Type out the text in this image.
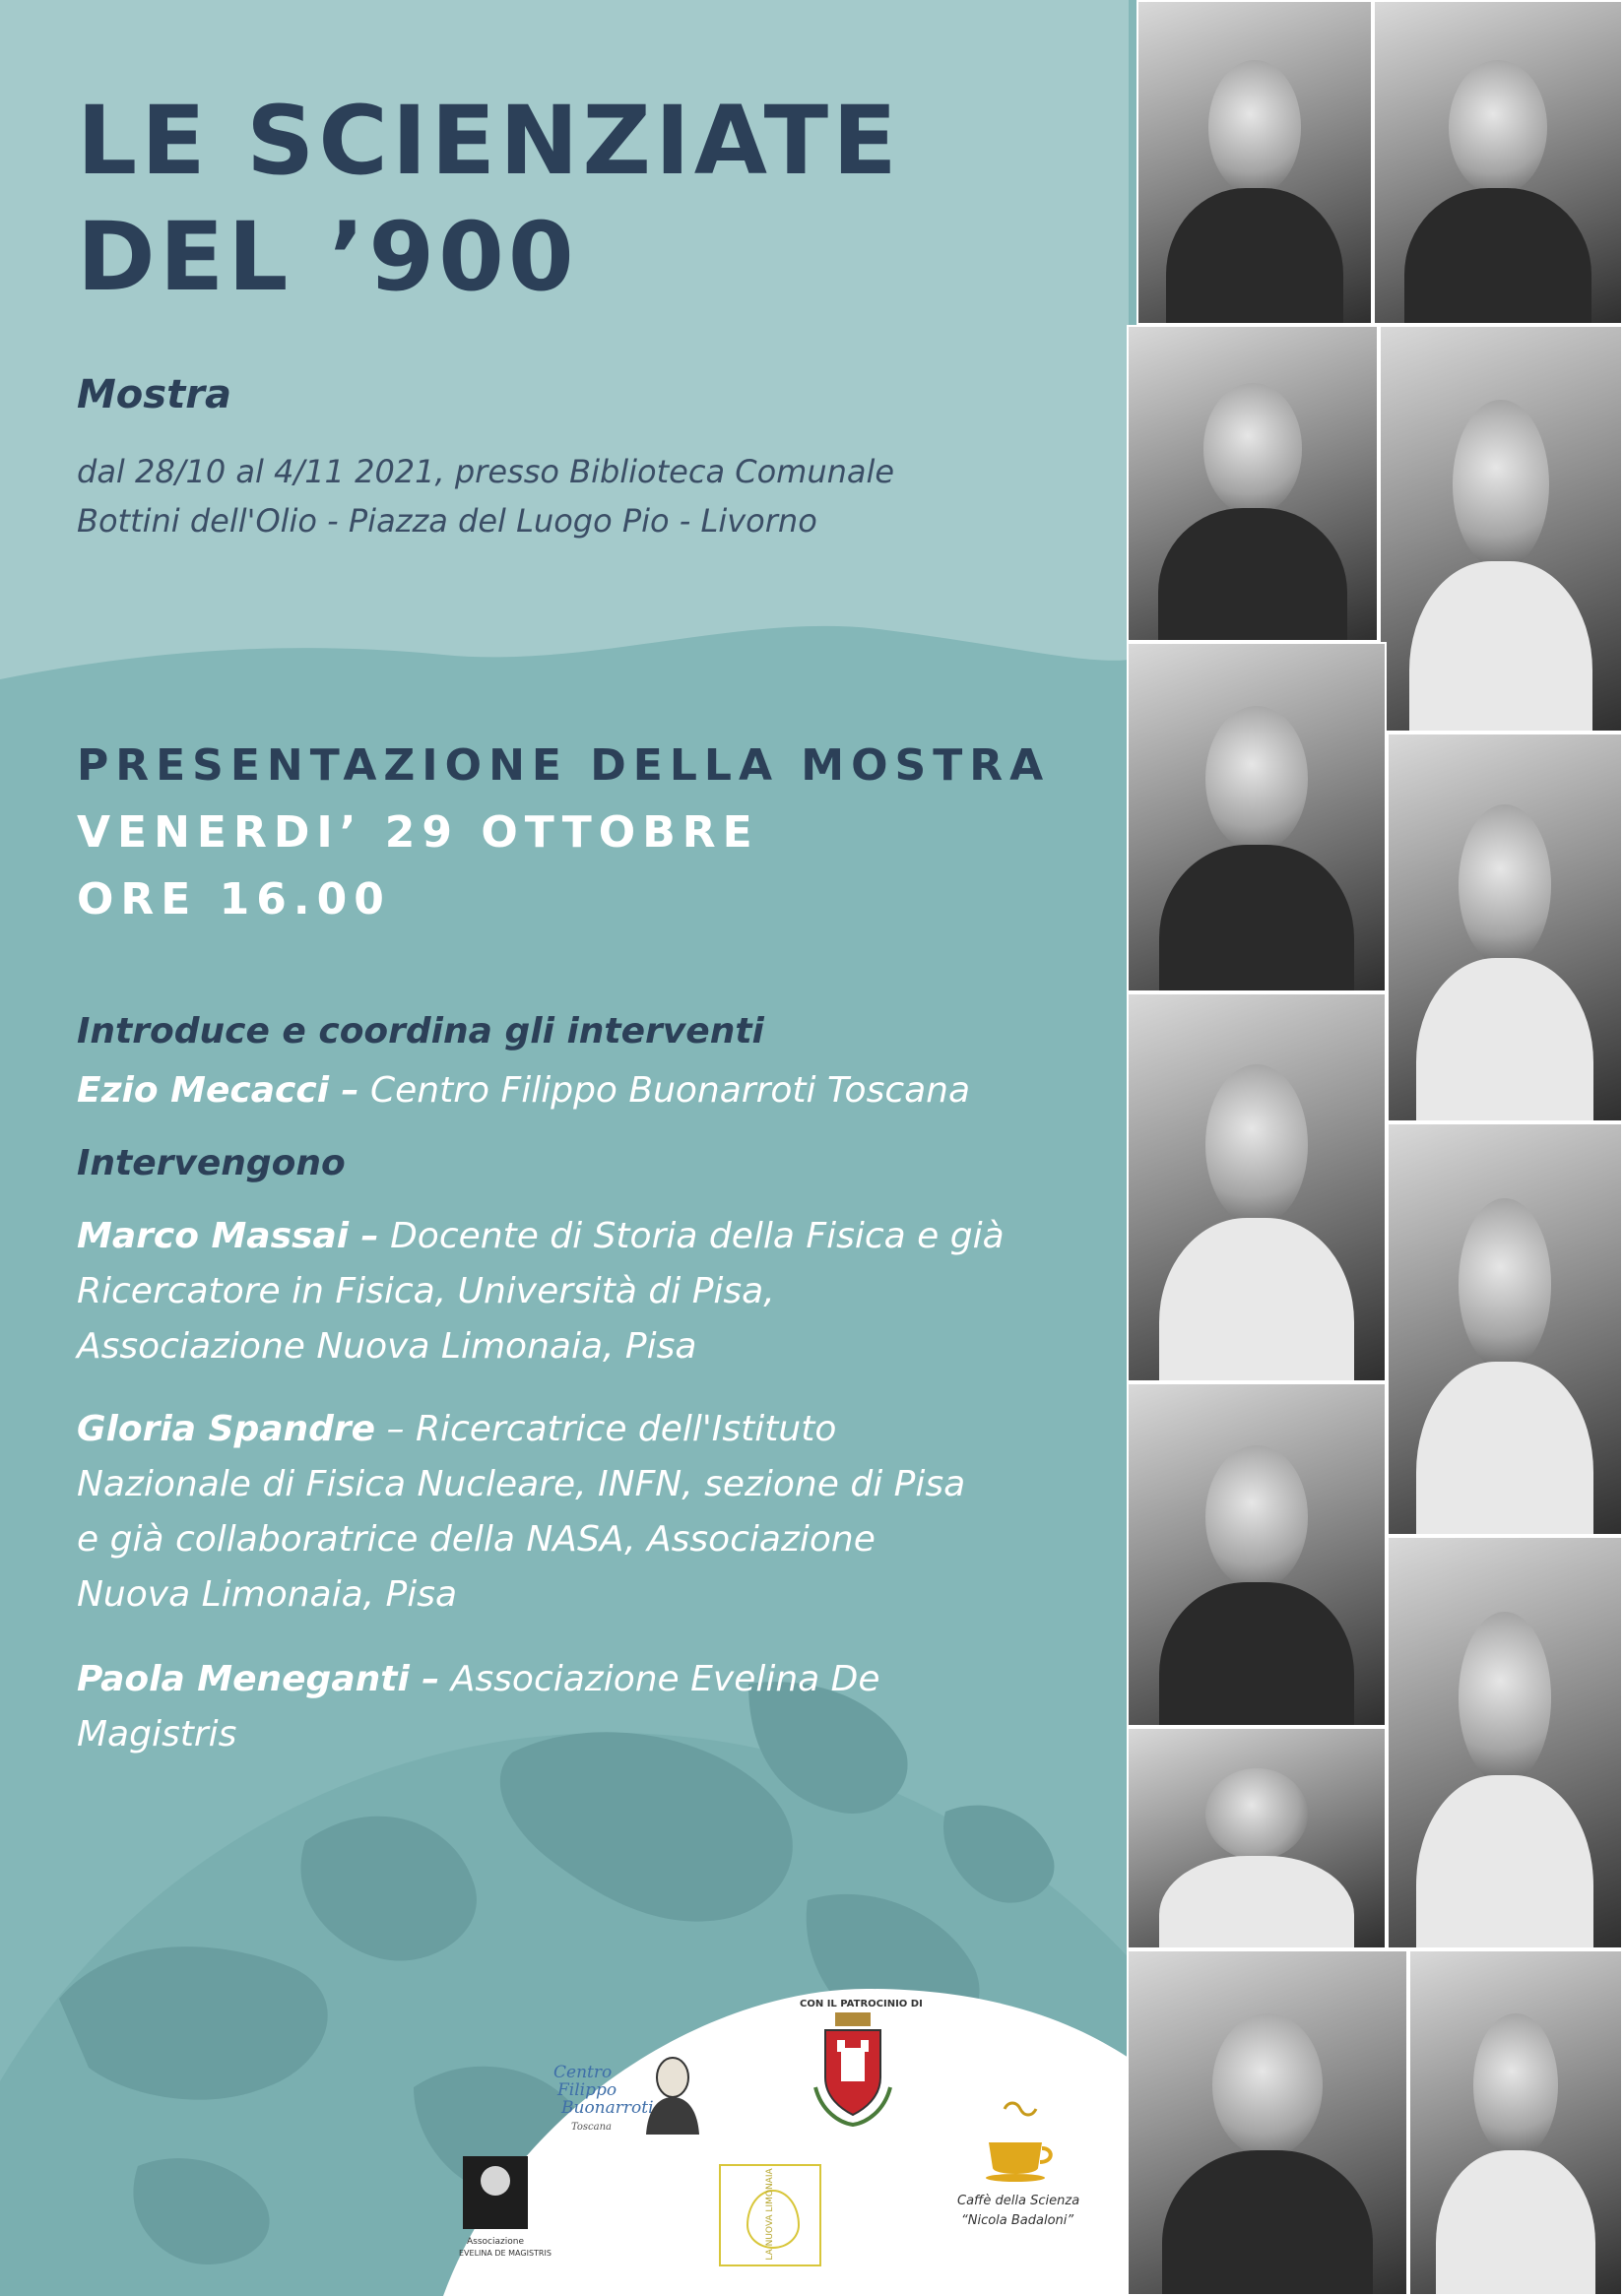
LE SCIENZIATE
DEL ’900
Mostra
dal 28/10 al 4/11 2021, presso Biblioteca Comunale
Bottini dell'Olio - Piazza del Luogo Pio - Livorno
PRESENTAZIONE DELLA MOSTRA
VENERDI’ 29 OTTOBRE
ORE 16.00
Introduce e coordina gli interventi
Ezio Mecacci – Centro Filippo Buonarroti Toscana
Intervengono
Marco Massai – Docente di Storia della Fisica e già
Ricercatore in Fisica, Università di Pisa,
Associazione Nuova Limonaia, Pisa
Gloria Spandre – Ricercatrice dell'Istituto
Nazionale di Fisica Nucleare, INFN, sezione di Pisa
e già collaboratrice della NASA, Associazione
Nuova Limonaia, Pisa
Paola Meneganti – Associazione Evelina De
Magistris
CON IL PATROCINIO DI
Centro
Filippo
Buonarroti
Toscana
Associazione
EVELINA DE MAGISTRIS	LA NUOVA LIMONAIA	Caffè della Scienza
“Nicola Badaloni”
